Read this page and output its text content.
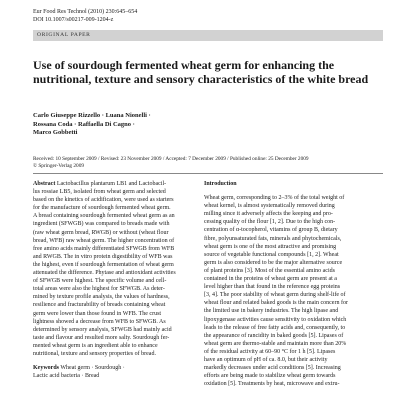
Eur Food Res Technol (2010) 230:645–654
DOI 10.1007/s00217-009-1204-z
ORIGINAL PAPER
Use of sourdough fermented wheat germ for enhancing the nutritional, texture and sensory characteristics of the white bread
Carlo Giuseppe Rizzello · Luana Nionelli ·
Rossana Coda · Raffaella Di Cagno ·
Marco Gobbetti
Received: 10 September 2009 / Revised: 23 November 2009 / Accepted: 7 December 2009 / Published online: 25 December 2009
© Springer-Verlag 2009
Abstract Lactobacillus plantarum LB1 and Lactobacil-
lus rossiae LB5, isolated from wheat germ and selected
based on the kinetics of acidification, were used as starters
for the manufacture of sourdough fermented wheat germ.
A bread containing sourdough fermented wheat germ as an
ingredient (SFWGB) was compared to breads made with
(raw wheat germ bread, RWGB) or without (wheat flour
bread, WFB) raw wheat germ. The higher concentration of
free amino acids mainly differentiated SFWGB from WFB
and RWGB. The in vitro protein digestibility of WFB was
the highest, even if sourdough fermentation of wheat germ
attenuated the difference. Phytase and antioxidant activities
of SFWGB were highest. The specific volume and cell-
total areas were also the highest for SFWGB. As deter-
mined by texture profile analysis, the values of hardness,
resilience and fracturability of breads containing wheat
germ were lower than those found in WFB. The crust
lightness showed a decrease from WFB to SFWGB. As
determined by sensory analysis, SFWGB had mainly acid
taste and flavour and resulted more salty. Sourdough fer-
mented wheat germ is an ingredient able to enhance
nutritional, texture and sensory properties of bread.
Keywords Wheat germ · Sourdough ·
Lactic acid bacteria · Bread
Introduction
Wheat germ, corresponding to 2–3% of the total weight of
wheat kernel, is almost systematically removed during
milling since it adversely affects the keeping and pro-
cessing quality of the flour [1, 2]. Due to the high con-
centration of α-tocopherol, vitamins of group B, dietary
fibre, polyunsaturated fats, minerals and phytochemicals,
wheat germ is one of the most attractive and promising
source of vegetable functional compounds [1, 2]. Wheat
germ is also considered to be the major alternative source
of plant proteins [3]. Most of the essential amino acids
contained in the proteins of wheat germ are present at a
level higher than that found in the reference egg proteins
[3, 4]. The poor stability of wheat germ during shelf-life of
wheat flour and related baked goods is the main concern for
the limited use in bakery industries. The high lipase and
lipoxygenase activities cause sensitivity to oxidation which
leads to the release of free fatty acids and, consequently, to
the appearance of rancidity in baked goods [5]. Lipases of
wheat germ are thermo-stable and maintain more than 20%
of the residual activity at 60–90 °C for 1 h [5]. Lipases
have an optimum of pH of ca. 8.0, but their activity
markedly decreases under acid conditions [5]. Increasing
efforts are being made to stabilize wheat germ towards
oxidation [5]. Treatments by heat, microwave and extru-
